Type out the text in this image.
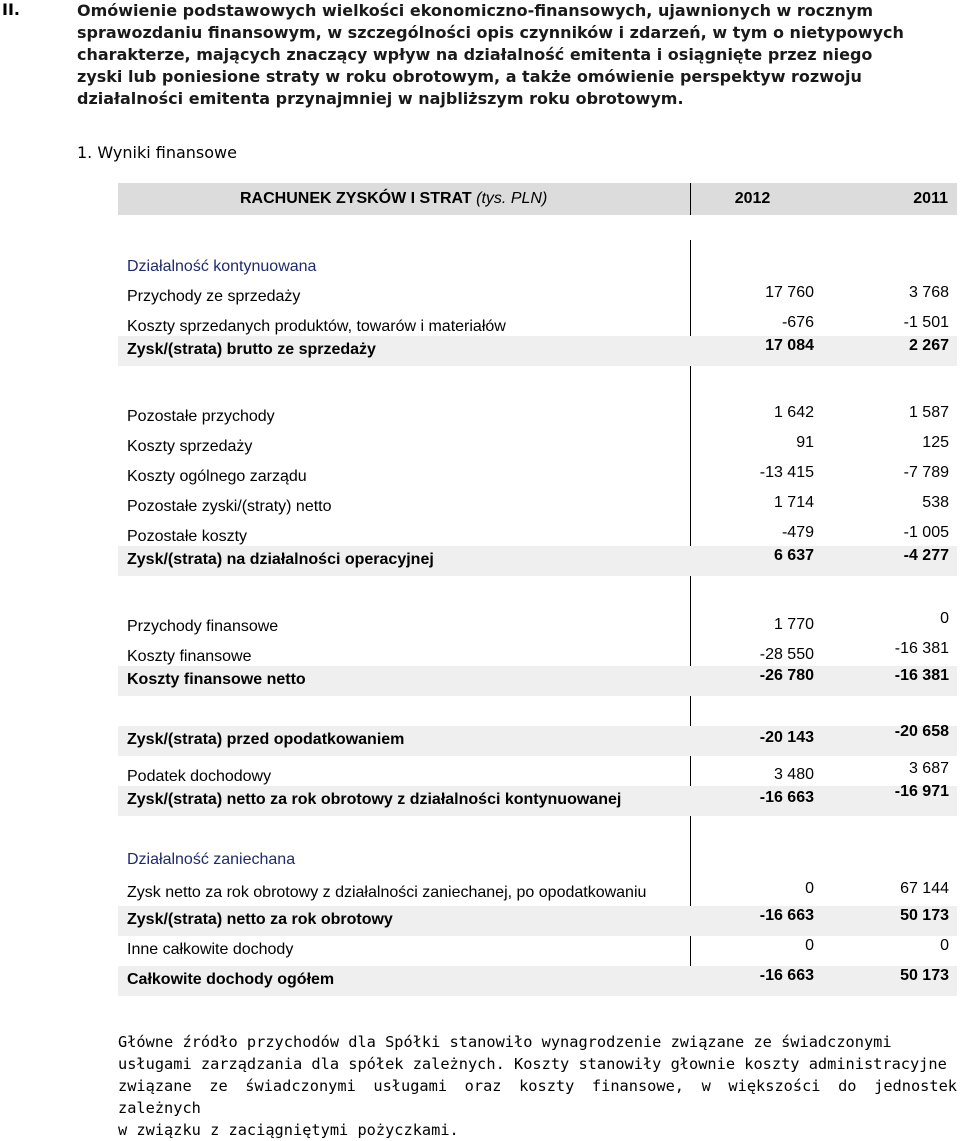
II.	Omówienie podstawowych wielkości ekonomiczno-finansowych, ujawnionych w rocznym
sprawozdaniu finansowym, w szczególności opis czynników i zdarzeń, w tym o nietypowych
charakterze, mających znaczący wpływ na działalność emitenta i osiągnięte przez niego
zyski lub poniesione straty w roku obrotowym, a także omówienie perspektyw rozwoju
działalności emitenta przynajmniej w najbliższym roku obrotowym.
1. Wyniki finansowe
RACHUNEK ZYSKÓW I STRAT (tys. PLN)	2012	2011
Działalność kontynuowana
Przychody ze sprzedaży	17 760	3 768
Koszty sprzedanych produktów, towarów i materiałów	-676	-1 501
Zysk/(strata) brutto ze sprzedaży	17 084	2 267
Pozostałe przychody	1 642	1 587
Koszty sprzedaży	91	125
Koszty ogólnego zarządu	-13 415	-7 789
Pozostałe zyski/(straty) netto	1 714	538
Pozostałe koszty	-479	-1 005
Zysk/(strata) na działalności operacyjnej	6 637	-4 277
Przychody finansowe	1 770	0
Koszty finansowe	-28 550	-16 381
Koszty finansowe netto	-26 780	-16 381
Zysk/(strata) przed opodatkowaniem	-20 143	-20 658
Podatek dochodowy	3 480	3 687
Zysk/(strata) netto za rok obrotowy z działalności kontynuowanej	-16 663	-16 971
Działalność zaniechana
Zysk netto za rok obrotowy z działalności zaniechanej, po opodatkowaniu	0	67 144
Zysk/(strata) netto za rok obrotowy	-16 663	50 173
Inne całkowite dochody	0	0
Całkowite dochody ogółem	-16 663	50 173
Główne źródło przychodów dla Spółki stanowiło wynagrodzenie związane ze świadczonymi
usługami zarządzania dla spółek zależnych. Koszty stanowiły głownie koszty administracyjne
związane ze świadczonymi usługami oraz koszty finansowe, w większości do jednostek zależnych
w związku z zaciągniętymi pożyczkami.
